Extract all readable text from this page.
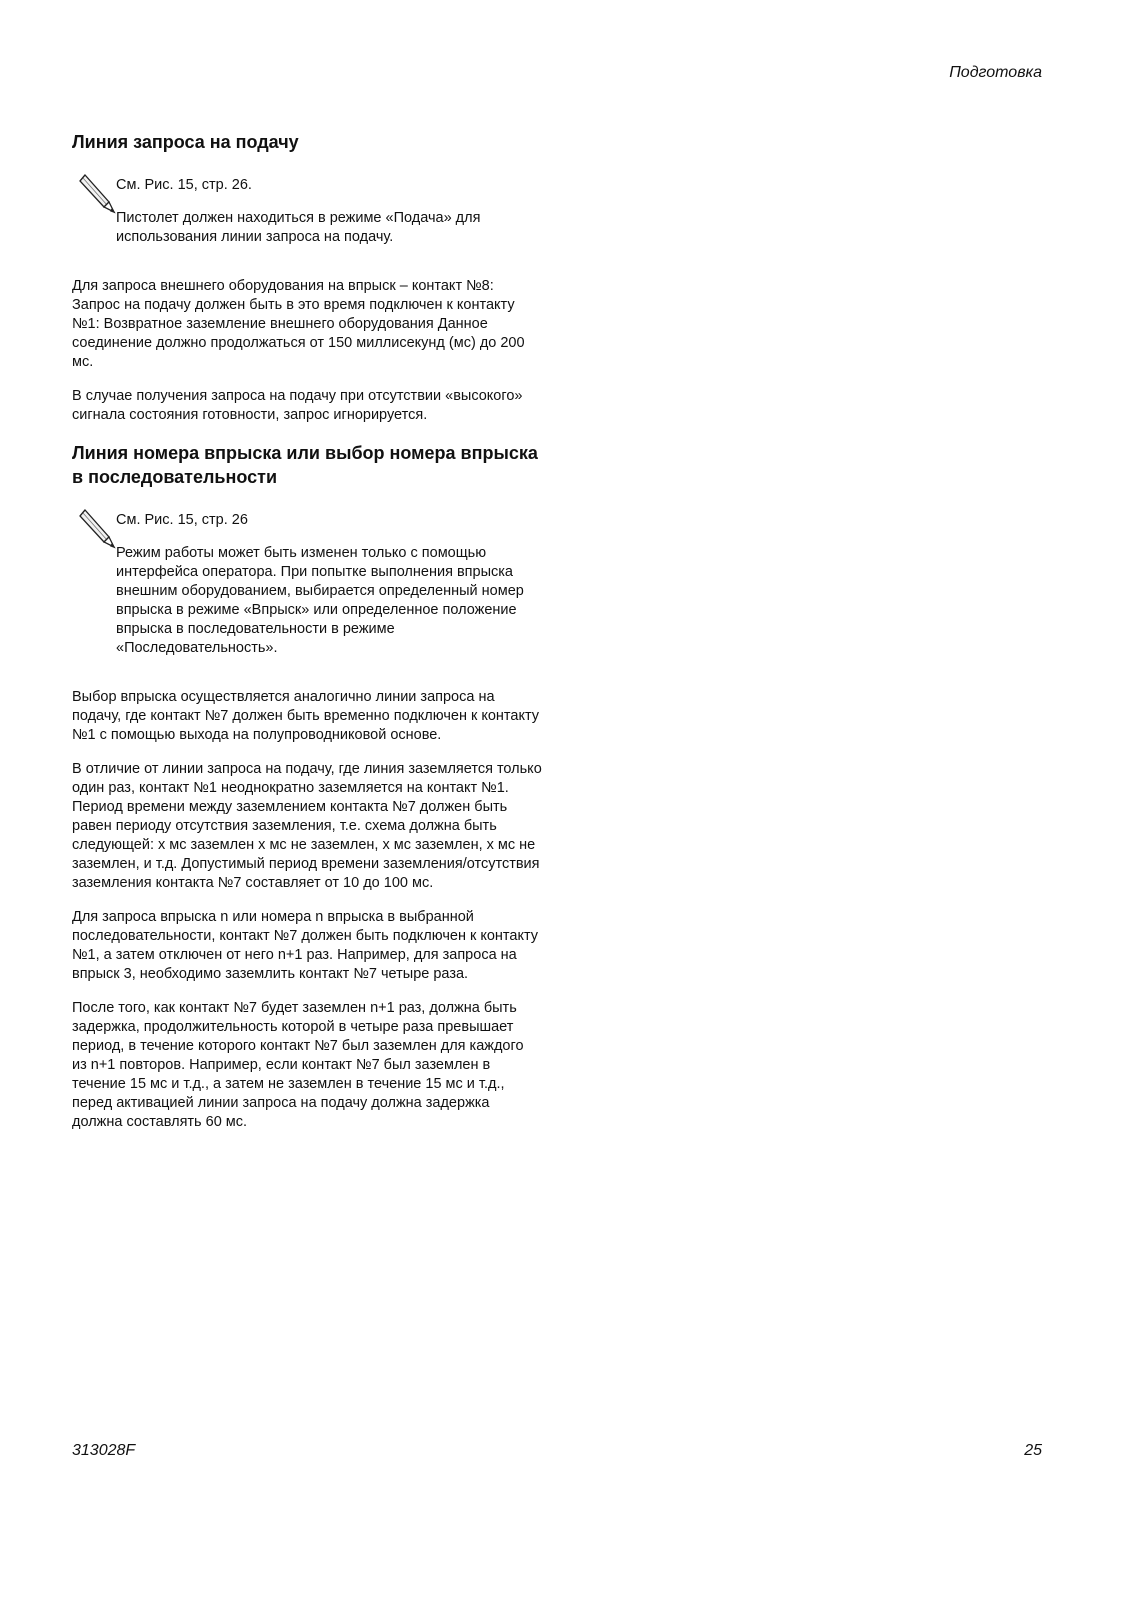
Подготовка
Линия запроса на подачу

См. Рис. 15, стр. 26.

Пистолет должен находиться в режиме «Подача» для использования линии запроса на подачу.

Для запроса внешнего оборудования на впрыск – контакт №8: Запрос на подачу должен быть в это время подключен к контакту №1: Возвратное заземление внешнего оборудования Данное соединение должно продолжаться от 150 миллисекунд (мс) до 200 мс.

В случае получения запроса на подачу при отсутствии «высокого» сигнала состояния готовности, запрос игнорируется.

Линия номера впрыска или выбор номера впрыска в последовательности

См. Рис. 15, стр. 26

Режим работы может быть изменен только с помощью интерфейса оператора. При попытке выполнения впрыска внешним оборудованием, выбирается определенный номер впрыска в режиме «Впрыск» или определенное положение впрыска в последовательности в режиме «Последовательность».

Выбор впрыска осуществляется аналогично линии запроса на подачу, где контакт №7 должен быть временно подключен к контакту №1 с помощью выхода на полупроводниковой основе.

В отличие от линии запроса на подачу, где линия заземляется только один раз, контакт №1 неоднократно заземляется на контакт №1. Период времени между заземлением контакта №7 должен быть равен периоду отсутствия заземления, т.е. схема должна быть следующей: x мс заземлен x мс не заземлен, x мс заземлен, x мс не заземлен, и т.д. Допустимый период времени заземления/отсутствия заземления контакта №7 составляет от 10 до 100 мс.

Для запроса впрыска n или номера n впрыска в выбранной последовательности, контакт №7 должен быть подключен к контакту №1, а затем отключен от него n+1 раз. Например, для запроса на впрыск 3, необходимо заземлить контакт №7 четыре раза.

После того, как контакт №7 будет заземлен n+1 раз, должна быть задержка, продолжительность которой в четыре раза превышает период, в течение которого контакт №7 был заземлен для каждого из n+1 повторов. Например, если контакт №7 был заземлен в течение 15 мс и т.д., а затем не заземлен в течение 15 мс и т.д., перед активацией линии запроса на подачу должна задержка должна составлять 60 мс.

313028F	25
